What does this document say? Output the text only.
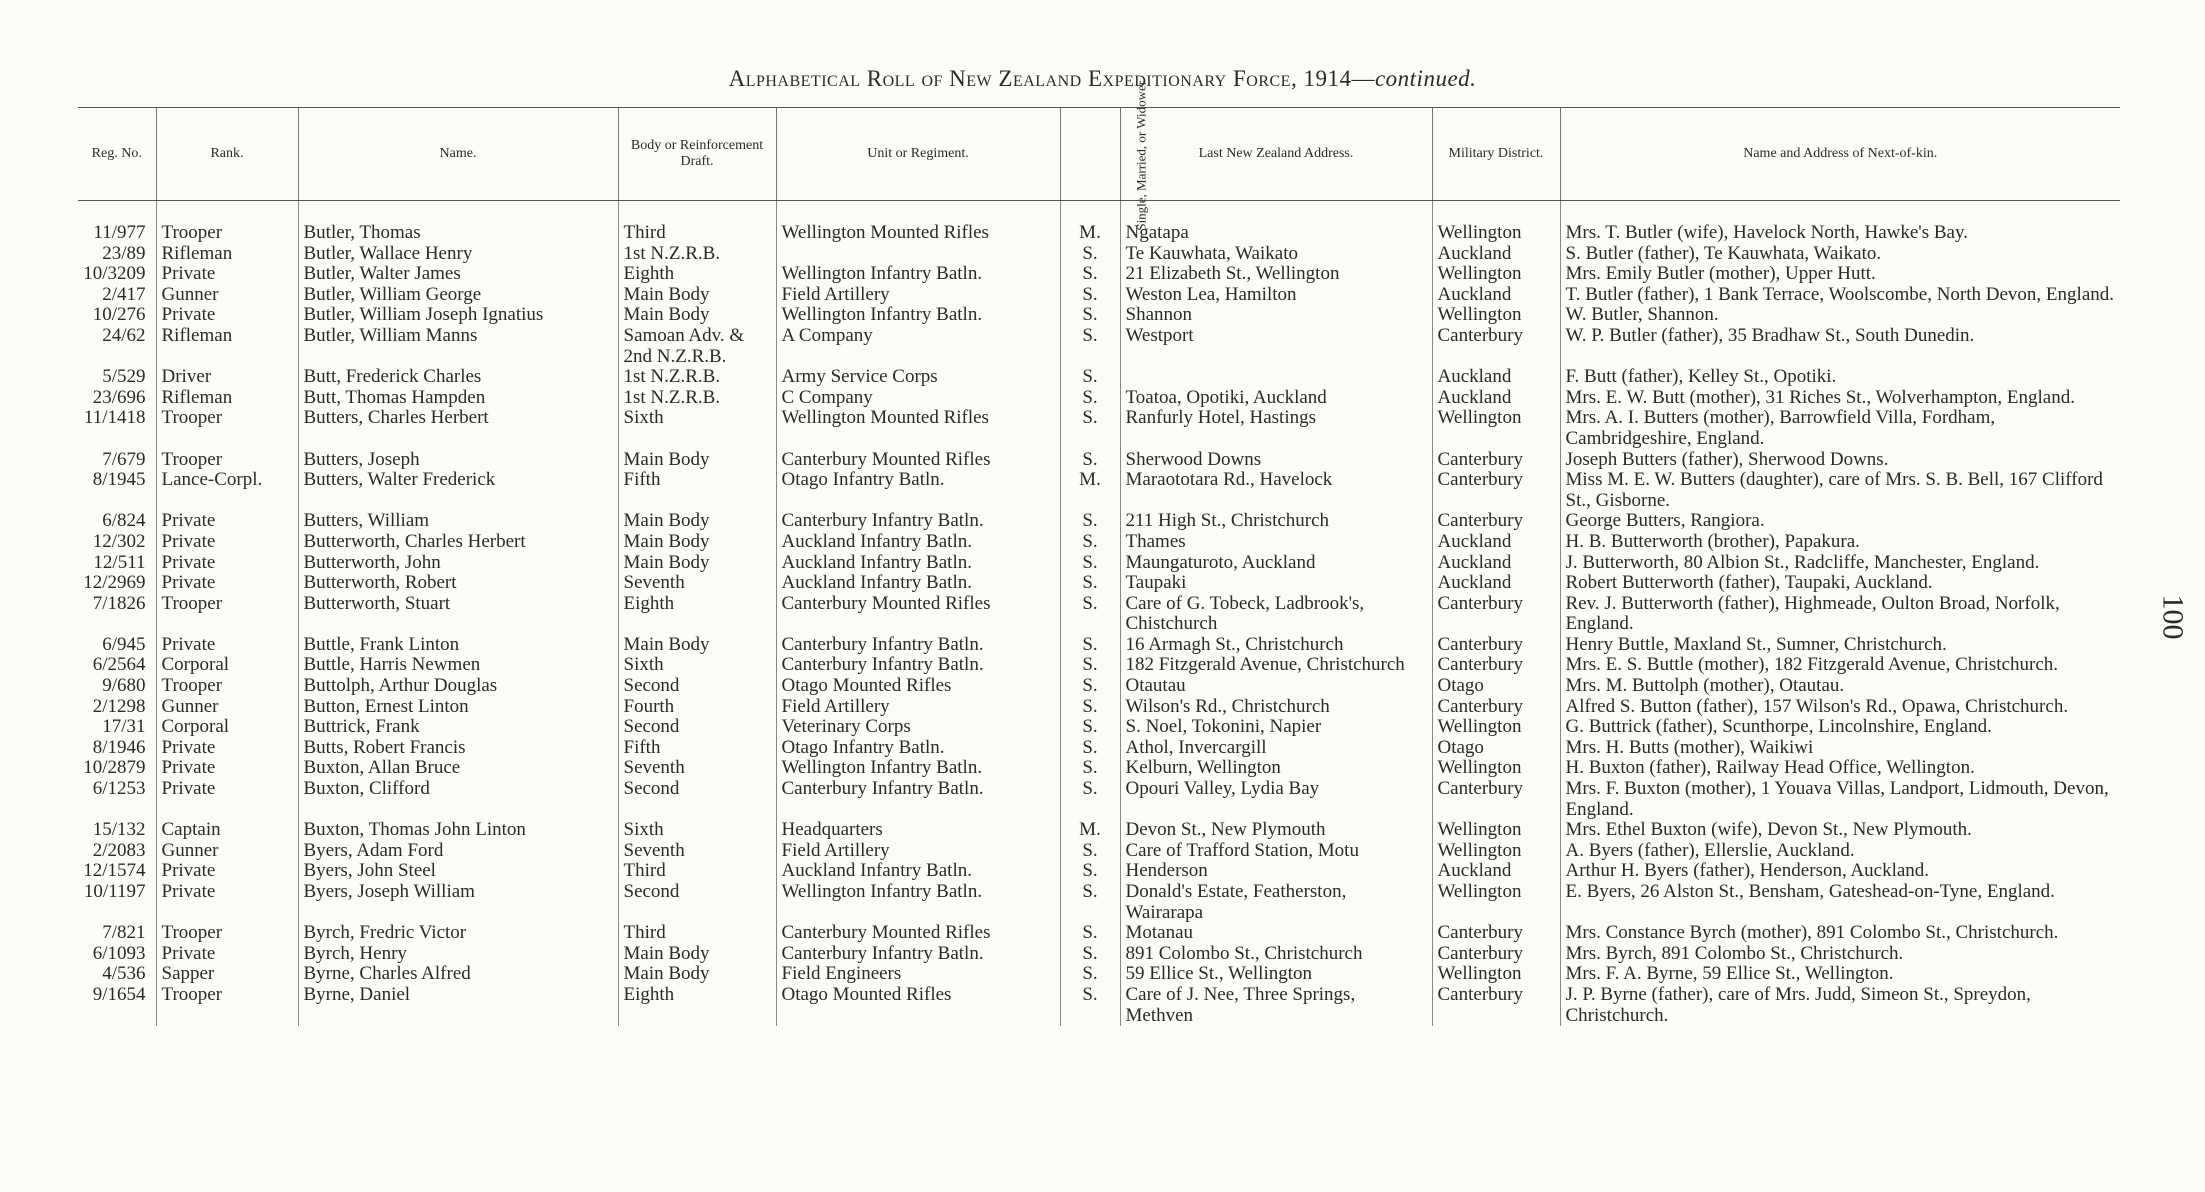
Alphabetical Roll of New Zealand Expeditionary Force, 1914—continued.
100
Reg. No.	Rank.	Name.	Body or Reinforcement Draft.	Unit or Regiment.	Single, Married, or Widower.	Last New Zealand Address.	Military District.	Name and Address of Next-of-kin.
11/977	Trooper	Butler, Thomas	Third	Wellington Mounted Rifles	M.	Ngatapa	Wellington	Mrs. T. Butler (wife), Havelock North, Hawke's Bay.
23/89	Rifleman	Butler, Wallace Henry	1st N.Z.R.B.		S.	Te Kauwhata, Waikato	Auckland	S. Butler (father), Te Kauwhata, Waikato.
10/3209	Private	Butler, Walter James	Eighth	Wellington Infantry Batln.	S.	21 Elizabeth St., Wellington	Wellington	Mrs. Emily Butler (mother), Upper Hutt.
2/417	Gunner	Butler, William George	Main Body	Field Artillery	S.	Weston Lea, Hamilton	Auckland	T. Butler (father), 1 Bank Terrace, Woolscombe, North Devon, England.
10/276	Private	Butler, William Joseph Ignatius	Main Body	Wellington Infantry Batln.	S.	Shannon	Wellington	W. Butler, Shannon.
24/62	Rifleman	Butler, William Manns	Samoan Adv. & 2nd N.Z.R.B.	A Company	S.	Westport	Canterbury	W. P. Butler (father), 35 Bradhaw St., South Dunedin.
5/529	Driver	Butt, Frederick Charles	1st N.Z.R.B.	Army Service Corps	S.		Auckland	F. Butt (father), Kelley St., Opotiki.
23/696	Rifleman	Butt, Thomas Hampden	1st N.Z.R.B.	C Company	S.	Toatoa, Opotiki, Auckland	Auckland	Mrs. E. W. Butt (mother), 31 Riches St., Wolverhampton, England.
11/1418	Trooper	Butters, Charles Herbert	Sixth	Wellington Mounted Rifles	S.	Ranfurly Hotel, Hastings	Wellington	Mrs. A. I. Butters (mother), Barrowfield Villa, Fordham, Cambridgeshire, England.
7/679	Trooper	Butters, Joseph	Main Body	Canterbury Mounted Rifles	S.	Sherwood Downs	Canterbury	Joseph Butters (father), Sherwood Downs.
8/1945	Lance-Corpl.	Butters, Walter Frederick	Fifth	Otago Infantry Batln.	M.	Maraototara Rd., Havelock	Canterbury	Miss M. E. W. Butters (daughter), care of Mrs. S. B. Bell, 167 Clifford St., Gisborne.
6/824	Private	Butters, William	Main Body	Canterbury Infantry Batln.	S.	211 High St., Christchurch	Canterbury	George Butters, Rangiora.
12/302	Private	Butterworth, Charles Herbert	Main Body	Auckland Infantry Batln.	S.	Thames	Auckland	H. B. Butterworth (brother), Papakura.
12/511	Private	Butterworth, John	Main Body	Auckland Infantry Batln.	S.	Maungaturoto, Auckland	Auckland	J. Butterworth, 80 Albion St., Radcliffe, Manchester, England.
12/2969	Private	Butterworth, Robert	Seventh	Auckland Infantry Batln.	S.	Taupaki	Auckland	Robert Butterworth (father), Taupaki, Auckland.
7/1826	Trooper	Butterworth, Stuart	Eighth	Canterbury Mounted Rifles	S.	Care of G. Tobeck, Ladbrook's, Chistchurch	Canterbury	Rev. J. Butterworth (father), Highmeade, Oulton Broad, Norfolk, England.
6/945	Private	Buttle, Frank Linton	Main Body	Canterbury Infantry Batln.	S.	16 Armagh St., Christchurch	Canterbury	Henry Buttle, Maxland St., Sumner, Christchurch.
6/2564	Corporal	Buttle, Harris Newmen	Sixth	Canterbury Infantry Batln.	S.	182 Fitzgerald Avenue, Christchurch	Canterbury	Mrs. E. S. Buttle (mother), 182 Fitzgerald Avenue, Christchurch.
9/680	Trooper	Buttolph, Arthur Douglas	Second	Otago Mounted Rifles	S.	Otautau	Otago	Mrs. M. Buttolph (mother), Otautau.
2/1298	Gunner	Button, Ernest Linton	Fourth	Field Artillery	S.	Wilson's Rd., Christchurch	Canterbury	Alfred S. Button (father), 157 Wilson's Rd., Opawa, Christchurch.
17/31	Corporal	Buttrick, Frank	Second	Veterinary Corps	S.	S. Noel, Tokonini, Napier	Wellington	G. Buttrick (father), Scunthorpe, Lincolnshire, England.
8/1946	Private	Butts, Robert Francis	Fifth	Otago Infantry Batln.	S.	Athol, Invercargill	Otago	Mrs. H. Butts (mother), Waikiwi
10/2879	Private	Buxton, Allan Bruce	Seventh	Wellington Infantry Batln.	S.	Kelburn, Wellington	Wellington	H. Buxton (father), Railway Head Office, Wellington.
6/1253	Private	Buxton, Clifford	Second	Canterbury Infantry Batln.	S.	Opouri Valley, Lydia Bay	Canterbury	Mrs. F. Buxton (mother), 1 Youava Villas, Landport, Lidmouth, Devon, England.
15/132	Captain	Buxton, Thomas John Linton	Sixth	Headquarters	M.	Devon St., New Plymouth	Wellington	Mrs. Ethel Buxton (wife), Devon St., New Plymouth.
2/2083	Gunner	Byers, Adam Ford	Seventh	Field Artillery	S.	Care of Trafford Station, Motu	Wellington	A. Byers (father), Ellerslie, Auckland.
12/1574	Private	Byers, John Steel	Third	Auckland Infantry Batln.	S.	Henderson	Auckland	Arthur H. Byers (father), Henderson, Auckland.
10/1197	Private	Byers, Joseph William	Second	Wellington Infantry Batln.	S.	Donald's Estate, Featherston, Wairarapa	Wellington	E. Byers, 26 Alston St., Bensham, Gateshead-on-Tyne, England.
7/821	Trooper	Byrch, Fredric Victor	Third	Canterbury Mounted Rifles	S.	Motanau	Canterbury	Mrs. Constance Byrch (mother), 891 Colombo St., Christchurch.
6/1093	Private	Byrch, Henry	Main Body	Canterbury Infantry Batln.	S.	891 Colombo St., Christchurch	Canterbury	Mrs. Byrch, 891 Colombo St., Christchurch.
4/536	Sapper	Byrne, Charles Alfred	Main Body	Field Engineers	S.	59 Ellice St., Wellington	Wellington	Mrs. F. A. Byrne, 59 Ellice St., Wellington.
9/1654	Trooper	Byrne, Daniel	Eighth	Otago Mounted Rifles	S.	Care of J. Nee, Three Springs, Methven	Canterbury	J. P. Byrne (father), care of Mrs. Judd, Simeon St., Spreydon, Christchurch.
